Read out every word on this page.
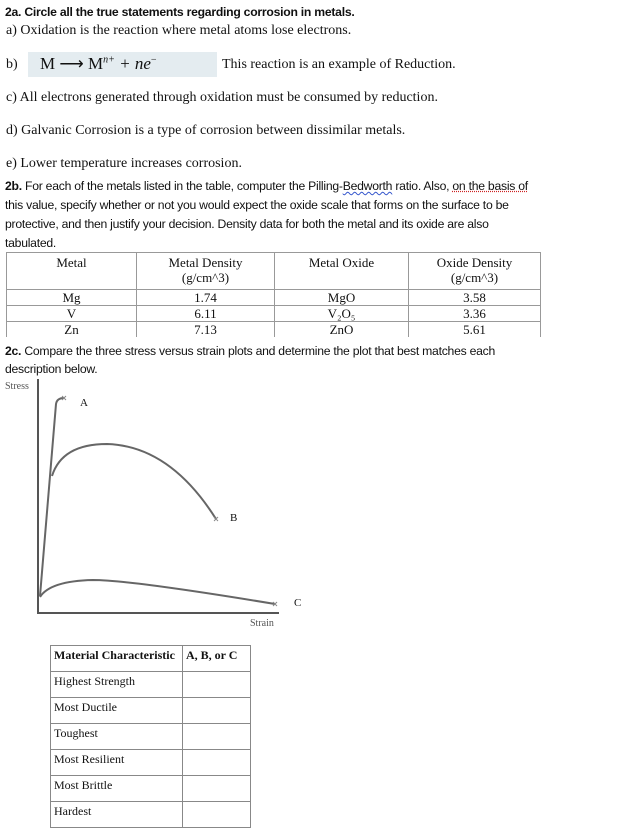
2a. Circle all the true statements regarding corrosion in metals.
a) Oxidation is the reaction where metal atoms lose electrons.
b) M ⟶ $M^{n+} + ne^-$	This reaction is an example of Reduction.
c) All electrons generated through oxidation must be consumed by reduction.
d) Galvanic Corrosion is a type of corrosion between dissimilar metals.
e) Lower temperature increases corrosion.
2b. For each of the metals listed in the table, computer the Pilling-Bedworth ratio. Also, on the basis of
this value, specify whether or not you would expect the oxide scale that forms on the surface to be
protective, and then justify your decision. Density data for both the metal and its oxide are also
tabulated.
Metal	Metal Density (g/cm^3)	Metal Oxide	Oxide Density (g/cm^3)
Mg	1.74	MgO	3.58
V	6.11	V₂O₅	3.36
Zn	7.13	ZnO	5.61
2c. Compare the three stress versus strain plots and determine the plot that best matches each
description below.
Stress
Strain
A
B
C
Material Characteristic	A, B, or C
Highest Strength	
Most Ductile	
Toughest	
Most Resilient	
Most Brittle	
Hardest	
